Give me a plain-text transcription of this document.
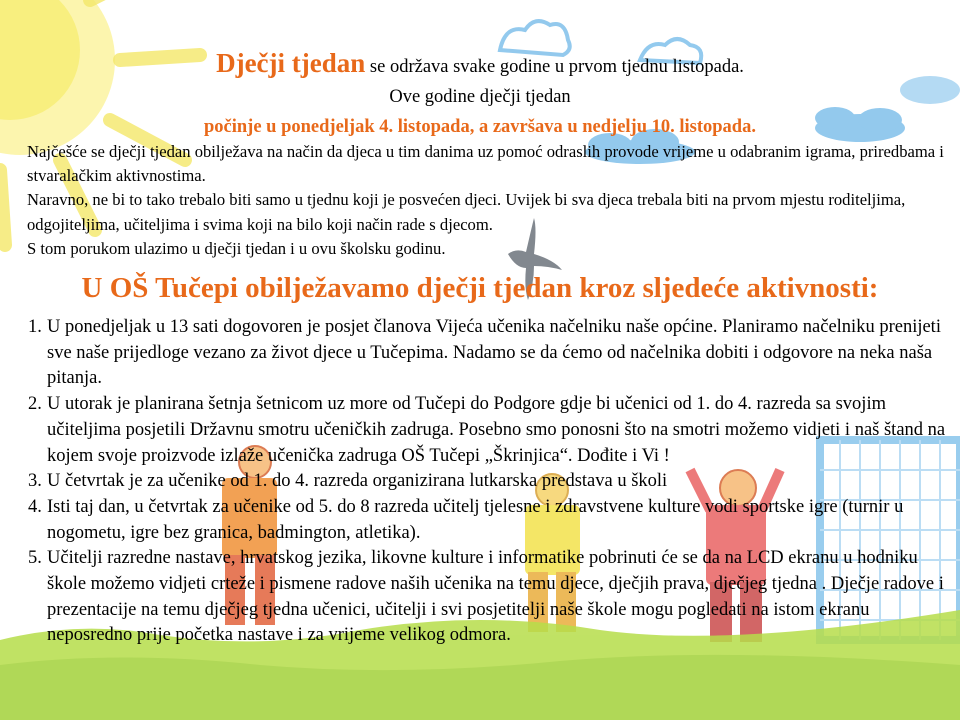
Dječji tjedan se održava svake godine u prvom tjednu listopada.
Ove godine dječji tjedan
počinje u ponedjeljak 4. listopada, a završava u nedjelju 10. listopada.

Najčešće se dječji tjedan obilježava na način da djeca u tim danima uz pomoć odraslih provode vrijeme u odabranim igrama, priredbama i stvaralačkim aktivnostima.

Naravno, ne bi to tako trebalo biti samo u tjednu koji je posvećen djeci. Uvijek bi sva djeca trebala biti na prvom mjestu roditeljima, odgojiteljima, učiteljima i svima koji na bilo koji način rade s djecom.

S tom porukom ulazimo u dječji tjedan i u ovu školsku godinu.

U OŠ Tučepi obilježavamo dječji tjedan kroz sljedeće aktivnosti:
1. U ponedjeljak u 13 sati dogovoren je posjet članova Vijeća učenika načelniku naše općine. Planiramo načelniku prenijeti sve naše prijedloge vezano za život djece u Tučepima. Nadamo se da ćemo od načelnika dobiti i odgovore na neka naša pitanja.
2. U utorak je planirana šetnja šetnicom uz more od Tučepi do Podgore gdje bi učenici od 1. do 4. razreda sa svojim učiteljima posjetili Državnu smotru učeničkih zadruga. Posebno smo ponosni što na smotri možemo vidjeti i naš štand na kojem svoje proizvode izlaže učenička zadruga OŠ Tučepi „Škrinjica“. Dođite i Vi !
3. U četvrtak je za učenike od 1. do 4. razreda organizirana lutkarska predstava u školi
4. Isti taj dan, u četvrtak za učenike od 5. do 8 razreda učitelj tjelesne i zdravstvene kulture vodi sportske igre (turnir u nogometu, igre bez granica, badmington, atletika).
5. Učitelji razredne nastave, hrvatskog jezika, likovne kulture i informatike pobrinuti će se da na LCD ekranu u hodniku škole možemo vidjeti crteže i pismene radove naših učenika na temu djece, dječjih prava, dječjeg tjedna . Dječje radove i prezentacije na temu dječjeg tjedna učenici, učitelji i svi posjetitelji naše škole mogu pogledati na istom ekranu neposredno prije početka nastave i za vrijeme velikog odmora.
